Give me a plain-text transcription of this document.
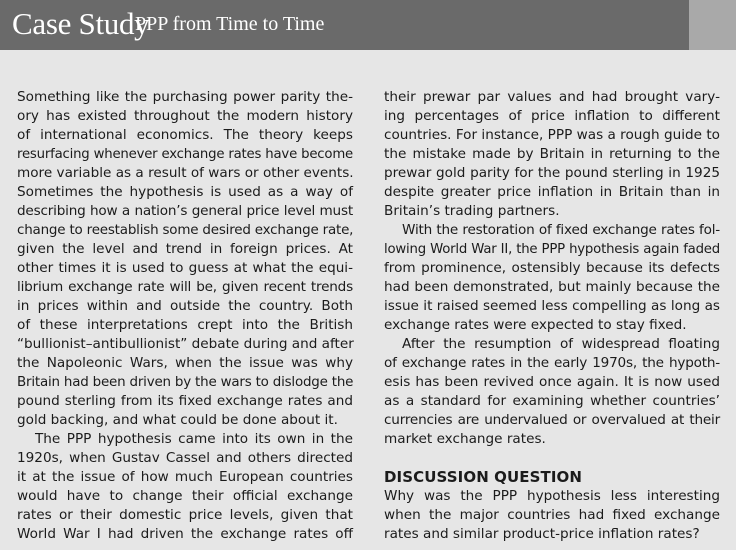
Case Study
PPP from Time to Time
Something like the purchasing power parity the-
ory has existed throughout the modern history
of international economics. The theory keeps
resurfacing whenever exchange rates have become
more variable as a result of wars or other events.
Sometimes the hypothesis is used as a way of
describing how a nation’s general price level must
change to reestablish some desired exchange rate,
given the level and trend in foreign prices. At
other times it is used to guess at what the equi-
librium exchange rate will be, given recent trends
in prices within and outside the country. Both
of these interpretations crept into the British
“bullionist–antibullionist” debate during and after
the Napoleonic Wars, when the issue was why
Britain had been driven by the wars to dislodge the
pound sterling from its fixed exchange rates and
gold backing, and what could be done about it.
The PPP hypothesis came into its own in the
1920s, when Gustav Cassel and others directed
it at the issue of how much European countries
would have to change their official exchange
rates or their domestic price levels, given that
World War I had driven the exchange rates off
their prewar par values and had brought vary-
ing percentages of price inflation to different
countries. For instance, PPP was a rough guide to
the mistake made by Britain in returning to the
prewar gold parity for the pound sterling in 1925
despite greater price inflation in Britain than in
Britain’s trading partners.
With the restoration of fixed exchange rates fol-
lowing World War II, the PPP hypothesis again faded
from prominence, ostensibly because its defects
had been demonstrated, but mainly because the
issue it raised seemed less compelling as long as
exchange rates were expected to stay fixed.
After the resumption of widespread floating
of exchange rates in the early 1970s, the hypoth-
esis has been revived once again. It is now used
as a standard for examining whether countries’
currencies are undervalued or overvalued at their
market exchange rates.
DISCUSSION QUESTION
Why was the PPP hypothesis less interesting
when the major countries had fixed exchange
rates and similar product-price inflation rates?
